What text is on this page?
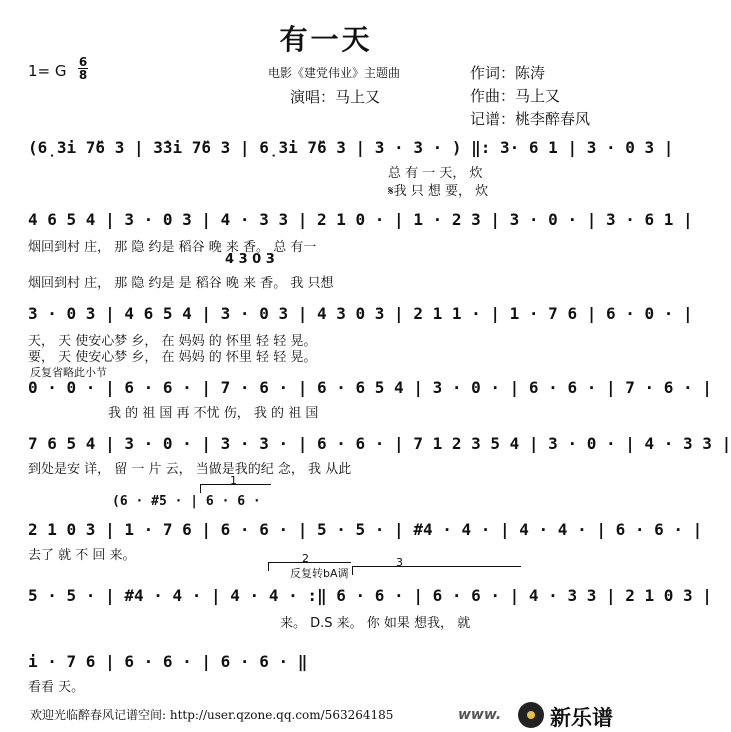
有一天
1= G 6
8	电影《建党伟业》主题曲
演唱：马上又
作词：陈涛
作曲：马上又
记谱：桃李醉春风
(6̣3i 7̈6 3 | 3̇3i 7̈6 3 | 6̣3i 7̈6 3 | 3 · 3 · ) ‖: 3· 6 1 | 3 · 0 3 |
总 有 一 天， 炊
𝄋我 只 想 要， 炊
4 6 5 4 | 3 · 0 3 | 4 · 3 3 | 2 1 0 · | 1 · 2 3 | 3 · 0 · | 3 · 6 1 |
烟回到村 庄， 那 隐 约是 稻谷 晚 来 香。 总 有一
4 3 0 3
烟回到村 庄， 那 隐 约是 是 稻谷 晚 来 香。 我 只想
3 · 0 3 | 4 6 5 4 | 3 · 0 3 | 4 3 0 3 | 2 1 1 · | 1 · 7 6 | 6 · 0 · |
天， 天 使安心梦 乡， 在 妈妈 的 怀里 轻 轻 晃。
要， 天 使安心梦 乡， 在 妈妈 的 怀里 轻 轻 晃。
反复省略此小节
0 · 0 · | 6 · 6 · | 7 · 6 · | 6 · 6 5 4 | 3 · 0 · | 6 · 6 · | 7 · 6 · |
我 的 祖 国 再 不忧 伤， 我 的 祖 国
7 6 5 4 | 3 · 0 · | 3 · 3 · | 6 · 6 · | 7 1 2 3 5 4 | 3 · 0 · | 4 · 3 3 |
到处是安 详， 留 一 片 云， 当做是我的纪 念， 我 从此
(6 · #5 · | 6 · 6 ·
1
2 1 0 3 | 1 · 7 6 | 6 · 6 · | 5 · 5 · | #4 · 4 · | 4 · 4 · | 6 · 6 · |
去了 就 不 回 来。	2
反复转bA调
3
5 · 5 · | #4 · 4 · | 4 · 4 · :‖ 6 · 6 · | 6 · 6 · | 4 · 3 3 | 2 1 0 3 |
来。 D.S 来。 你 如果 想我， 就
i · 7 6 | 6 · 6 · | 6 · 6 · ‖
看看 天。
欢迎光临醉春风记谱空间: http://user.qzone.qq.com/563264185	www. 新乐谱
